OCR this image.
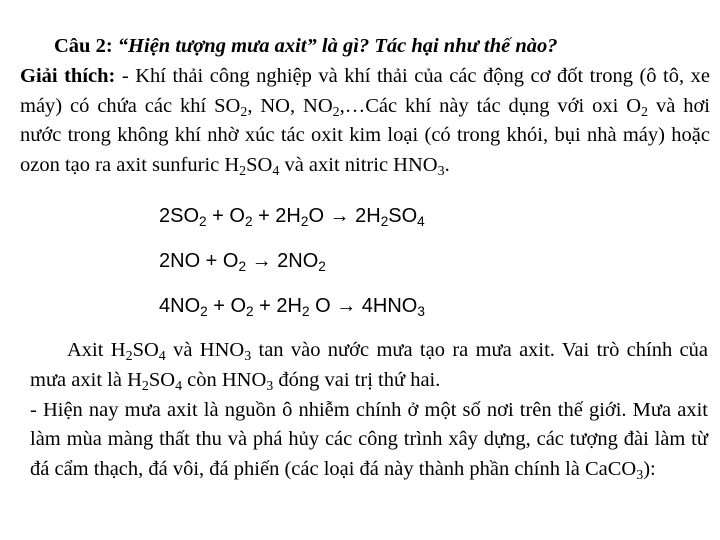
Câu 2: “Hiện tượng mưa axit” là gì? Tác hại như thế nào?
Giải thích: - Khí thải công nghiệp và khí thải của các động cơ đốt trong (ô tô, xe máy) có chứa các khí $SO_2$, NO, $NO_2,\dots Các$ khí này tác dụng với oxi $O_2$ và hơi nước trong không khí nhờ xúc tác oxit kim loại (có trong khói, bụi nhà máy) hoặc ozon tạo ra axit sunfuric $H_2SO_4$ và axit nitric $HNO_3$.

$2SO_2 + O_2 + 2H_2O \to 2H_2SO_4$
$2NO + O_2 \to 2NO_2$
$4NO_2 + O_2 + 2H_2$ $O \to 4HNO_3$

Axit $H_2SO_4$ và $HNO_3$ tan vào nước mưa tạo ra mưa axit. Vai trò chính của mưa axit là $H_2SO_4$ còn $HNO_3$ đóng vai trị thứ hai.
- Hiện nay mưa axit là nguồn ô nhiễm chính ở một số nơi trên thế giới. Mưa axit làm mùa màng thất thu và phá hủy các công trình xây dựng, các tượng đài làm từ đá cẩm thạch, đá vôi, đá phiến (các loại đá này thành phần chính là CaCO$_3$):
